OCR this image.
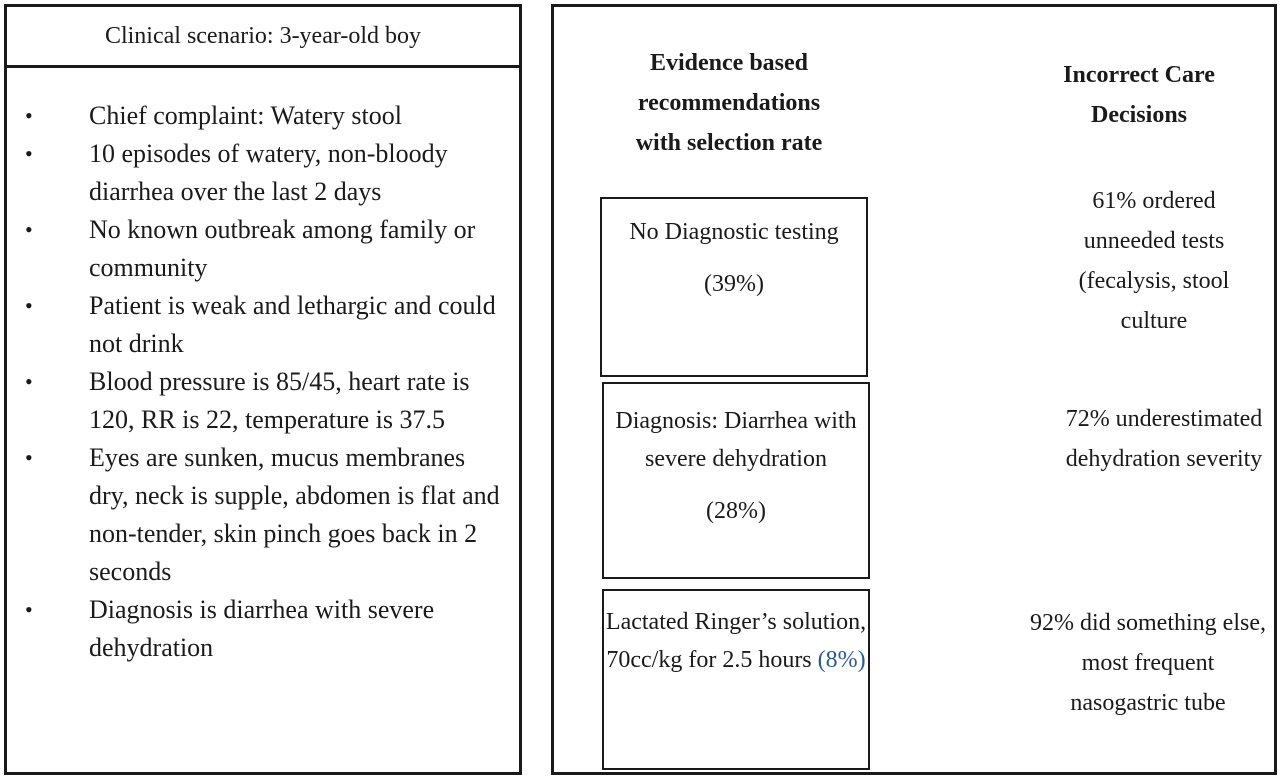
Clinical scenario: 3-year-old boy
• Chief complaint: Watery stool
• 10 episodes of watery, non-bloody diarrhea over the last 2 days
• No known outbreak among family or community
• Patient is weak and lethargic and could not drink
• Blood pressure is 85/45, heart rate is 120, RR is 22, temperature is 37.5
• Eyes are sunken, mucus membranes dry, neck is supple, abdomen is flat and non-tender, skin pinch goes back in 2 seconds
• Diagnosis is diarrhea with severe dehydration
Evidence based recommendations with selection rate
Incorrect Care Decisions
No Diagnostic testing
(39%)
Diagnosis: Diarrhea with severe dehydration
(28%)
Lactated Ringer’s solution, 70cc/kg for 2.5 hours (8%)
61% ordered unneeded tests (fecalysis, stool culture
72% underestimated dehydration severity
92% did something else, most frequent nasogastric tube
